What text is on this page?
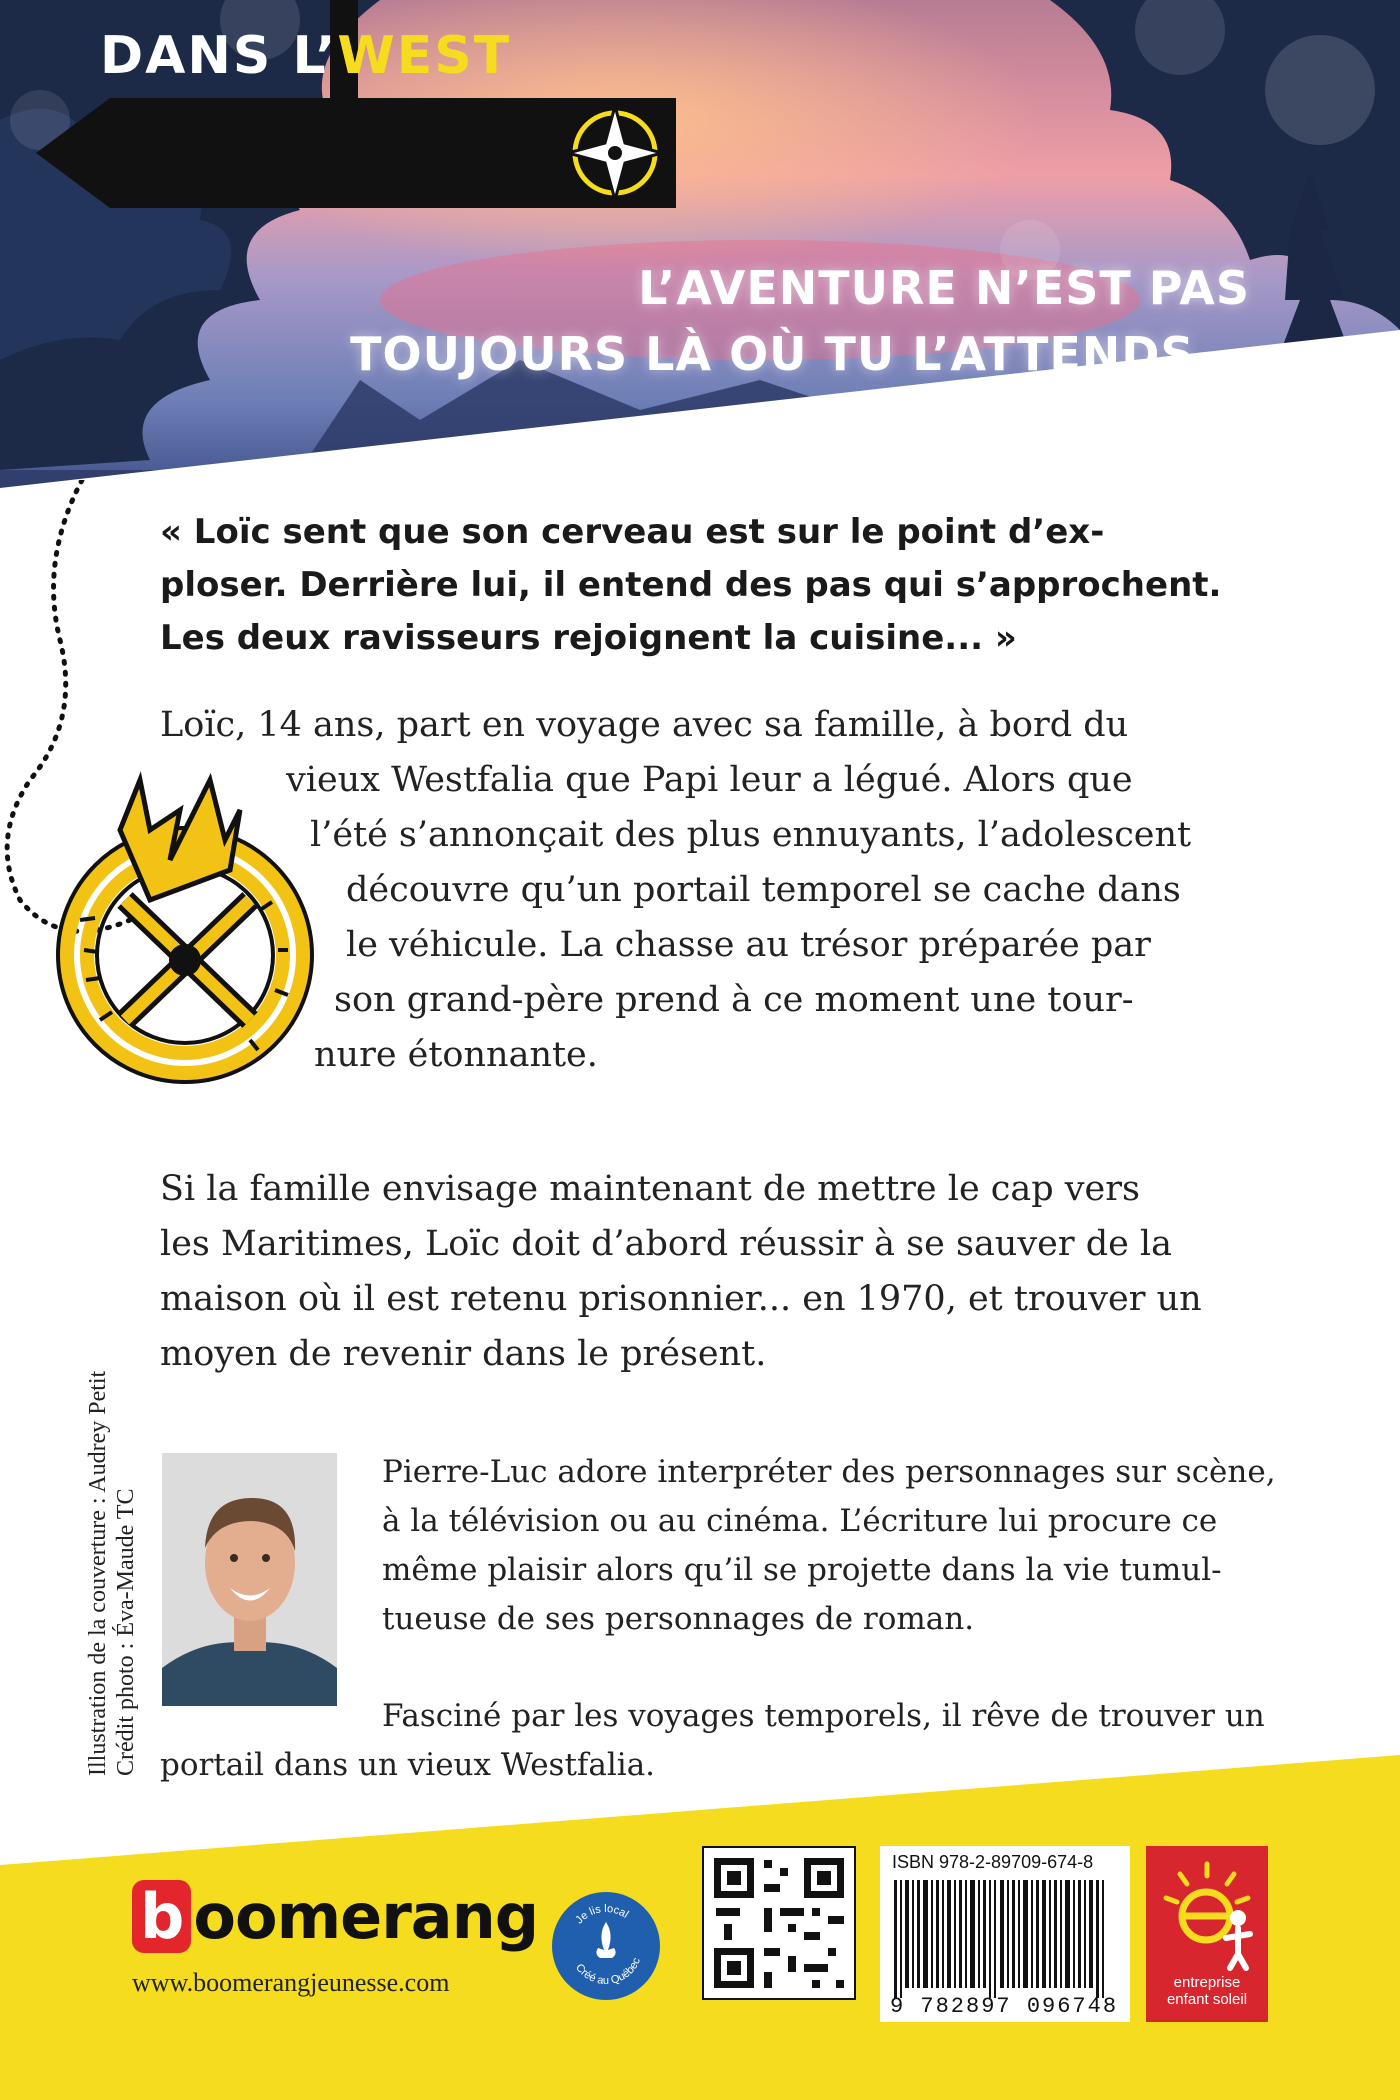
DANS L’WEST
L’AVENTURE N’EST PAS
TOUJOURS LÀ OÙ TU L’ATTENDS...
« Loïc sent que son cerveau est sur le point d’ex-
ploser. Derrière lui, il entend des pas qui s’approchent.
Les deux ravisseurs rejoignent la cuisine... »
Loïc, 14 ans, part en voyage avec sa famille, à bord du
vieux Westfalia que Papi leur a légué. Alors que
l’été s’annonçait des plus ennuyants, l’adolescent
découvre qu’un portail temporel se cache dans
le véhicule. La chasse au trésor préparée par
son grand-père prend à ce moment une tour-
nure étonnante.
Si la famille envisage maintenant de mettre le cap vers
les Maritimes, Loïc doit d’abord réussir à se sauver de la
maison où il est retenu prisonnier... en 1970, et trouver un
moyen de revenir dans le présent.
Illustration de la couverture : Audrey Petit Crédit photo : Éva-Maude TC
Pierre-Luc adore interpréter des personnages sur scène,
à la télévision ou au cinéma. L’écriture lui procure ce
même plaisir alors qu’il se projette dans la vie tumul-
tueuse de ses personnages de roman.
Fasciné par les voyages temporels, il rêve de trouver un
portail dans un vieux Westfalia.
b oomerang
www.boomerangjeunesse.com
Je lis local
Créé au Québec
ISBN 978-2-89709-674-8
9 782897 096748
entreprise
enfant soleil
